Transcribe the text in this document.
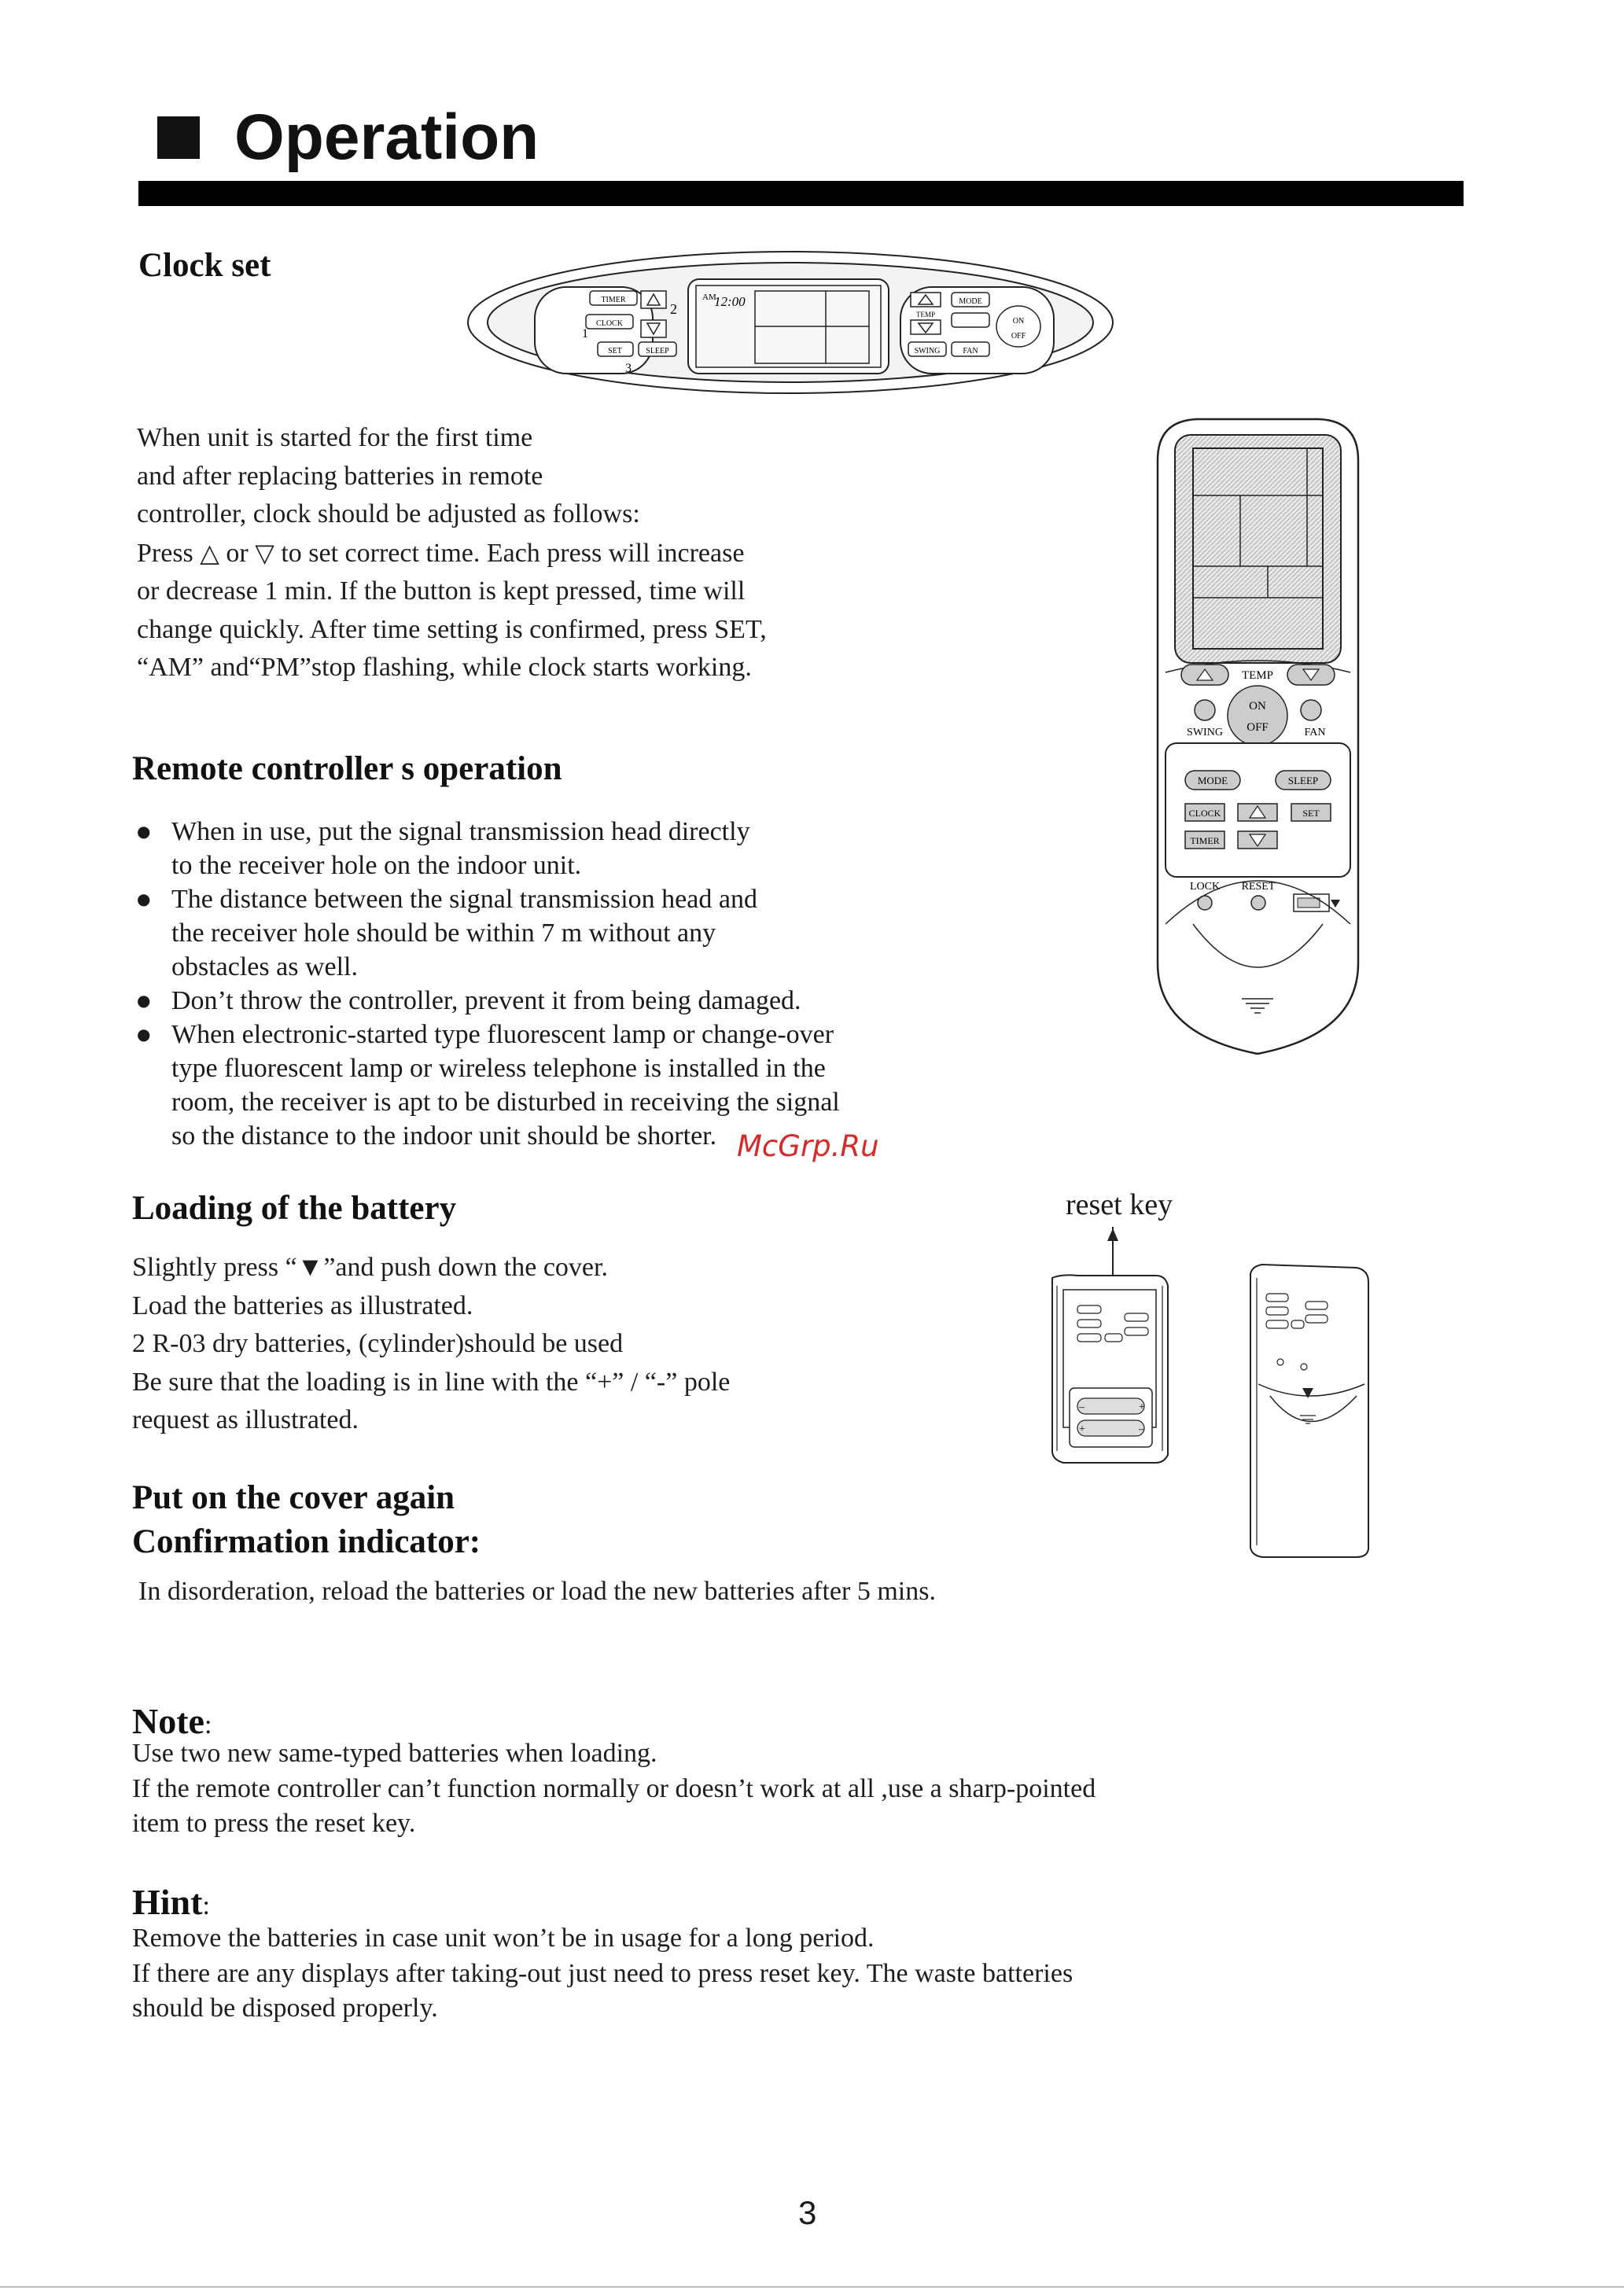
Operation
Clock set
TIMER
CLOCK
2
SET	SLEEP
1
3
AM
12:00
TEMP
MODE
SWING	FAN
ON
OFF

When unit is started for the first time

and after replacing batteries in remote

controller, clock should be adjusted as follows:

Press △ or ▽ to set correct time. Each press will increase

or decrease 1 min. If the button is kept pressed, time will

change quickly. After time setting is confirmed, press SET,

“AM” and“PM”stop flashing, while clock starts working.	TEMP
ON
OFF
SWING	FAN
MODE	SLEEP
CLOCK	SET
TIMER
LOCK RESET
Remote controller s operation
● When in use, put the signal transmission head directly
to the receiver hole on the indoor unit.
● The distance between the signal transmission head and
the receiver hole should be within 7 m without any
obstacles as well.
● Don’t throw the controller, prevent it from being damaged.
● When electronic-started type fluorescent lamp or change-over
type fluorescent lamp or wireless telephone is installed in the
room, the receiver is apt to be disturbed in receiving the signal
so the distance to the indoor unit should be shorter. McGrp.Ru
Loading of the battery

Slightly press “▼”and push down the cover.

Load the batteries as illustrated.

2 R-03 dry batteries, (cylinder)should be used

Be sure that the loading is in line with the “+” / “-” pole

request as illustrated.

reset key
+
–
+	–
Put on the cover again
Confirmation indicator:
In disorderation, reload the batteries or load the new batteries after 5 mins.
Note:

Use two new same-typed batteries when loading.

If the remote controller can’t function normally or doesn’t work at all ,use a sharp-pointed

item to press the reset key.

Hint:

Remove the batteries in case unit won’t be in usage for a long period.

If there are any displays after taking-out just need to press reset key. The waste batteries

should be disposed properly.

3
